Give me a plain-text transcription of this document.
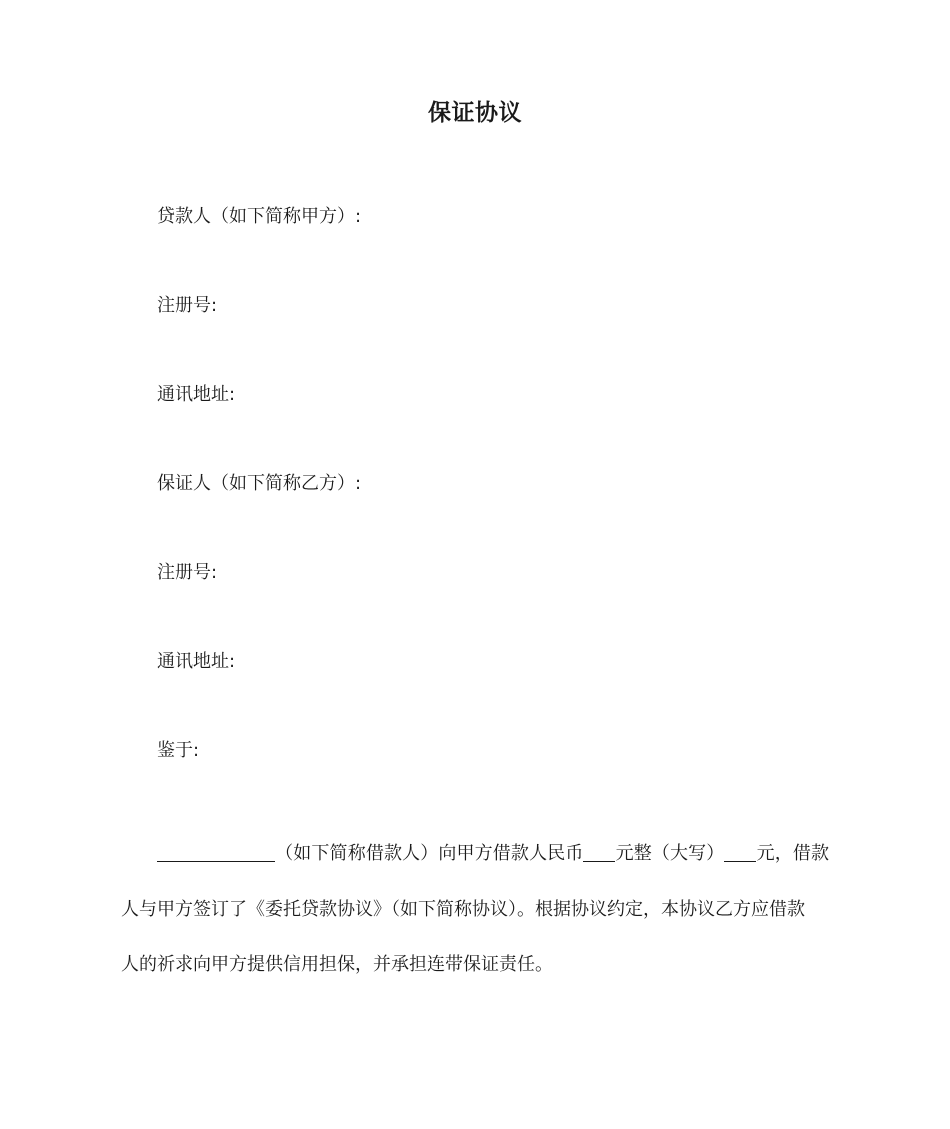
保证协议
贷款人（如下简称甲方）:
注册号:
通讯地址:
保证人（如下简称乙方）:
注册号:
通讯地址:
鉴于:
（如下简称借款人）向甲方借款人民币 元整（大写） 元，借款
人与甲方签订了《委托贷款协议》（如下简称协议）。根据协议约定，本协议乙方应借款
人的祈求向甲方提供信用担保，并承担连带保证责任。
